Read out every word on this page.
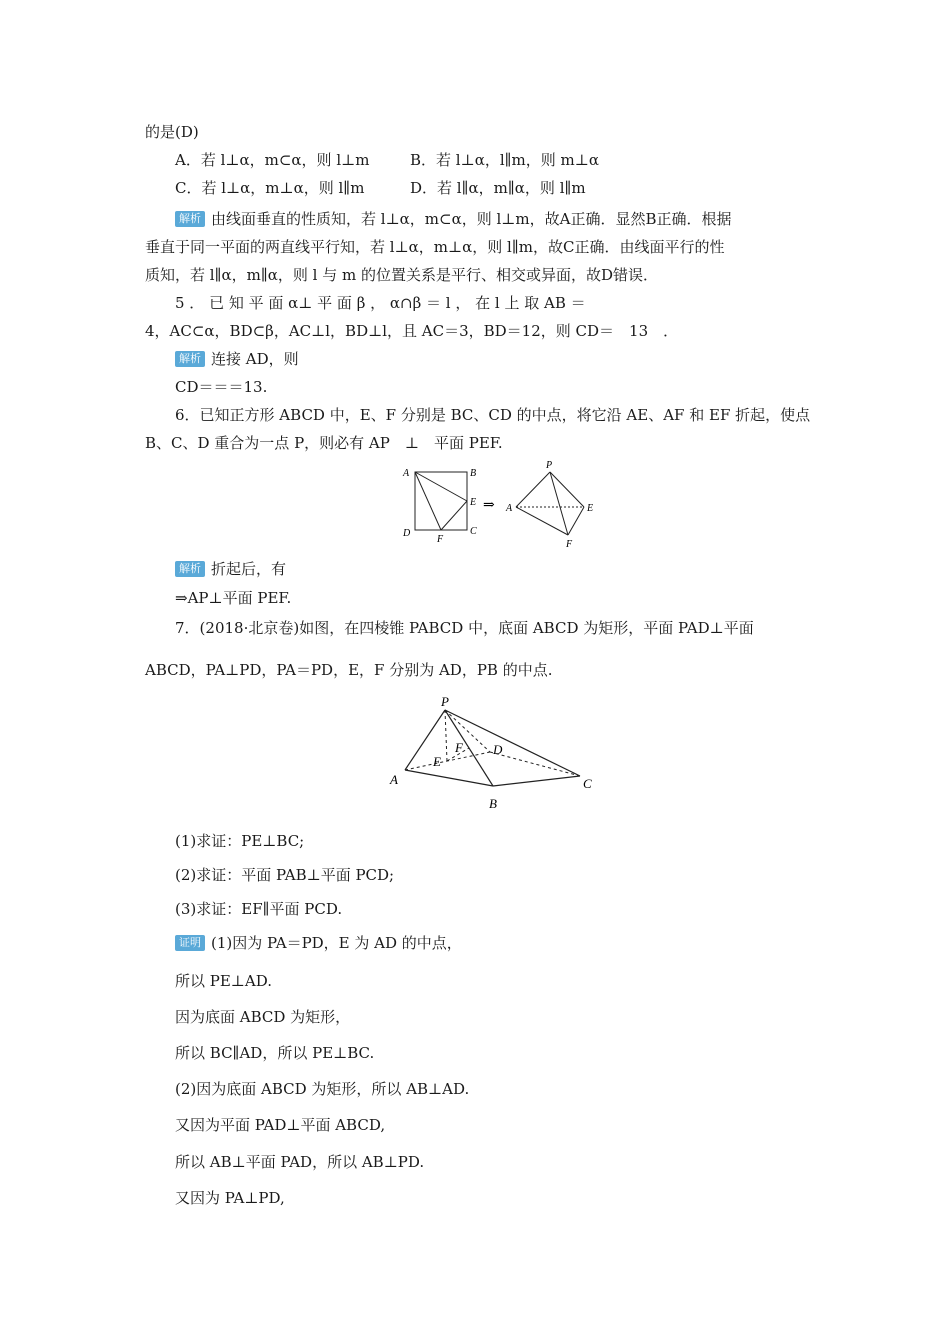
的是(D)
A．若 l⊥α，m⊂α，则 l⊥m	B．若 l⊥α，l∥m，则 m⊥α
C．若 l⊥α，m⊥α，则 l∥m	D．若 l∥α，m∥α，则 l∥m
解析 由线面垂直的性质知，若 l⊥α，m⊂α，则 l⊥m，故A正确．显然B正确．根据
垂直于同一平面的两直线平行知，若 l⊥α，m⊥α，则 l∥m，故C正确．由线面平行的性
质知，若 l∥α，m∥α，则 l 与 m 的位置关系是平行、相交或异面，故D错误．
5 ． 已 知 平 面 α⊥ 平 面 β ， α∩β ＝ l ， 在 l 上 取 AB ＝
4，AC⊂α，BD⊂β，AC⊥l，BD⊥l，且 AC＝3，BD＝12，则 CD＝　13　．
解析 连接 AD，则
CD＝＝＝13.
6．已知正方形 ABCD 中，E、F 分别是 BC、CD 的中点，将它沿 AE、AF 和 EF 折起，使点
B、C、D 重合为一点 P，则必有 AP　⊥　平面 PEF.
A	B
E
C
D
F
⇒
P
A	E
F
解析 折起后，有
⇒AP⊥平面 PEF.
7．(2018·北京卷)如图，在四棱锥 PABCD 中，底面 ABCD 为矩形，平面 PAD⊥平面
ABCD，PA⊥PD，PA＝PD，E，F 分别为 AD，PB 的中点.
P
A
B
C
D
E
F
(1)求证：PE⊥BC;
(2)求证：平面 PAB⊥平面 PCD;
(3)求证：EF∥平面 PCD.
证明 (1)因为 PA＝PD，E 为 AD 的中点，
所以 PE⊥AD.
因为底面 ABCD 为矩形，
所以 BC∥AD，所以 PE⊥BC.
(2)因为底面 ABCD 为矩形，所以 AB⊥AD.
又因为平面 PAD⊥平面 ABCD,
所以 AB⊥平面 PAD，所以 AB⊥PD.
又因为 PA⊥PD,
